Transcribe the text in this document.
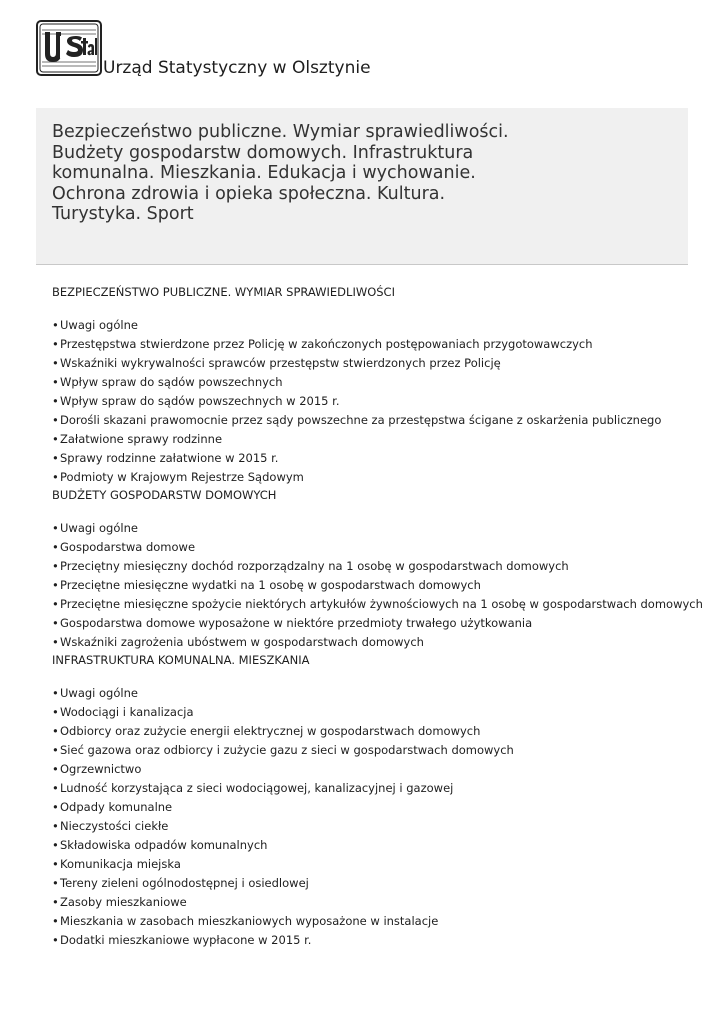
Urząd Statystyczny w Olsztynie
Bezpieczeństwo publiczne. Wymiar sprawiedliwości. Budżety gospodarstw domowych. Infrastruktura komunalna. Mieszkania. Edukacja i wychowanie. Ochrona zdrowia i opieka społeczna. Kultura. Turystyka. Sport
BEZPIECZEŃSTWO PUBLICZNE. WYMIAR SPRAWIEDLIWOŚCI
•Uwagi ogólne
•Przestępstwa stwierdzone przez Policję w zakończonych postępowaniach przygotowawczych
•Wskaźniki wykrywalności sprawców przestępstw stwierdzonych przez Policję
•Wpływ spraw do sądów powszechnych
•Wpływ spraw do sądów powszechnych w 2015 r.
•Dorośli skazani prawomocnie przez sądy powszechne za przestępstwa ścigane z oskarżenia publicznego
•Załatwione sprawy rodzinne
•Sprawy rodzinne załatwione w 2015 r.
•Podmioty w Krajowym Rejestrze Sądowym
BUDŻETY GOSPODARSTW DOMOWYCH
•Uwagi ogólne
•Gospodarstwa domowe
•Przeciętny miesięczny dochód rozporządzalny na 1 osobę w gospodarstwach domowych
•Przeciętne miesięczne wydatki na 1 osobę w gospodarstwach domowych
•Przeciętne miesięczne spożycie niektórych artykułów żywnościowych na 1 osobę w gospodarstwach domowych
•Gospodarstwa domowe wyposażone w niektóre przedmioty trwałego użytkowania
•Wskaźniki zagrożenia ubóstwem w gospodarstwach domowych
INFRASTRUKTURA KOMUNALNA. MIESZKANIA
•Uwagi ogólne
•Wodociągi i kanalizacja
•Odbiorcy oraz zużycie energii elektrycznej w gospodarstwach domowych
•Sieć gazowa oraz odbiorcy i zużycie gazu z sieci w gospodarstwach domowych
•Ogrzewnictwo
•Ludność korzystająca z sieci wodociągowej, kanalizacyjnej i gazowej
•Odpady komunalne
•Nieczystości ciekłe
•Składowiska odpadów komunalnych
•Komunikacja miejska
•Tereny zieleni ogólnodostępnej i osiedlowej
•Zasoby mieszkaniowe
•Mieszkania w zasobach mieszkaniowych wyposażone w instalacje
•Dodatki mieszkaniowe wypłacone w 2015 r.
